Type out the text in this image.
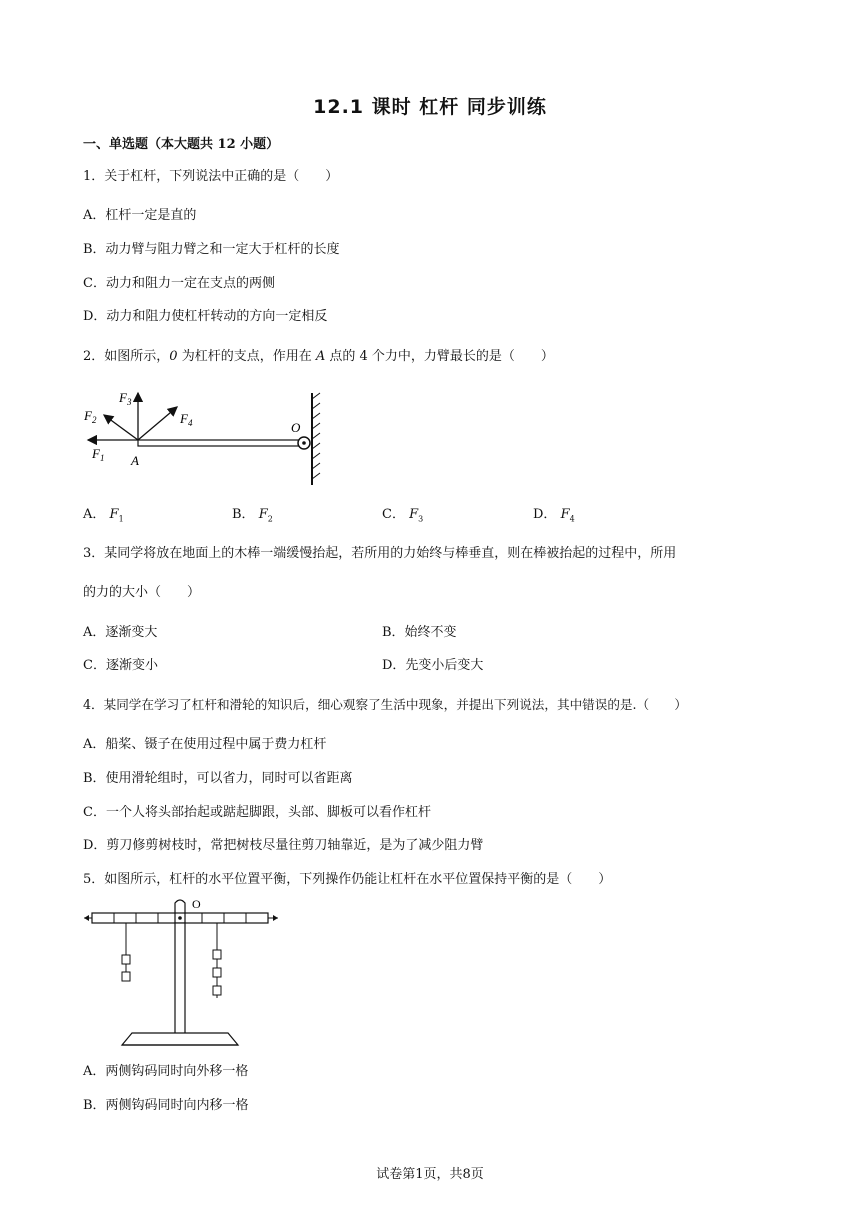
12.1 课时 杠杆 同步训练
一、单选题（本大题共 12 小题）
1．关于杠杆，下列说法中正确的是（　　）
A．杠杆一定是直的
B．动力臂与阻力臂之和一定大于杠杆的长度
C．动力和阻力一定在支点的两侧
D．动力和阻力使杠杆转动的方向一定相反
2．如图所示，0 为杠杆的支点，作用在 A 点的 4 个力中，力臂最长的是（　　）
$F_3$
$F_2$	$F_4$
$F_1$ A
O
A． $F_1$	B． $F_2$	C． $F_3$	D． $F_4$
3．某同学将放在地面上的木棒一端缓慢抬起，若所用的力始终与棒垂直，则在棒被抬起的过程中，所用
的力的大小（　　）
A．逐渐变大	B．始终不变
C．逐渐变小	D．先变小后变大
4．某同学在学习了杠杆和滑轮的知识后，细心观察了生活中现象，并提出下列说法，其中错误的是.（　　）
A．船桨、镊子在使用过程中属于费力杠杆
B．使用滑轮组时，可以省力，同时可以省距离
C．一个人将头部抬起或踮起脚跟，头部、脚板可以看作杠杆
D．剪刀修剪树枝时，常把树枝尽量往剪刀轴靠近，是为了减少阻力臂
5．如图所示，杠杆的水平位置平衡，下列操作仍能让杠杆在水平位置保持平衡的是（　　）
O
A．两侧钩码同时向外移一格
B．两侧钩码同时向内移一格
试卷第1页，共8页
